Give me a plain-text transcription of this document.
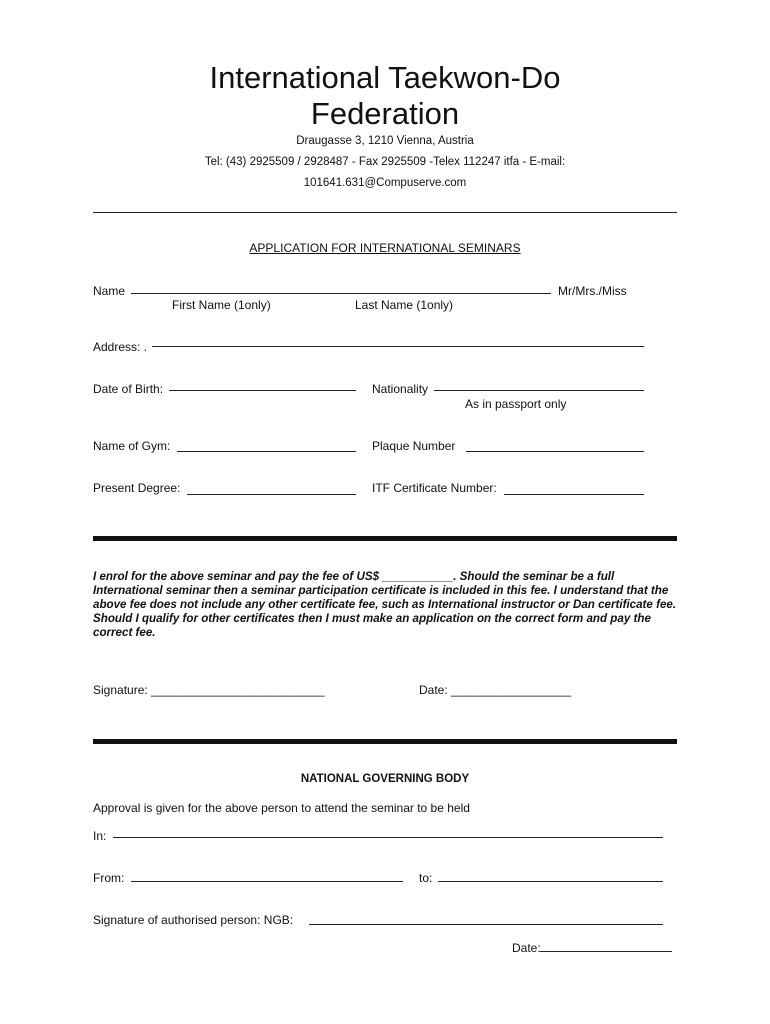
International Taekwon-Do
Federation
Draugasse 3, 1210 Vienna, Austria
Tel: (43) 2925509 / 2928487 - Fax 2925509 -Telex 112247 itfa - E-mail:
101641.631@Compuserve.com
APPLICATION FOR INTERNATIONAL SEMINARS
Name	Mr/Mrs./Miss
First Name (1only)	Last Name (1only)
Address: .
Date of Birth:	Nationality
As in passport only
Name of Gym:	Plaque Number
Present Degree:	ITF Certificate Number:
I enrol for the above seminar and pay the fee of US$ ___________. Should the seminar be a full International seminar then a seminar participation certificate is included in this fee. I understand that the above fee does not include any other certificate fee, such as International instructor or Dan certificate fee. Should I qualify for other certificates then I must make an application on the correct form and pay the correct fee.
Signature: __________________________	Date: __________________
NATIONAL GOVERNING BODY
Approval is given for the above person to attend the seminar to be held
In:
From:	to:
Signature of authorised person: NGB:
Date:
